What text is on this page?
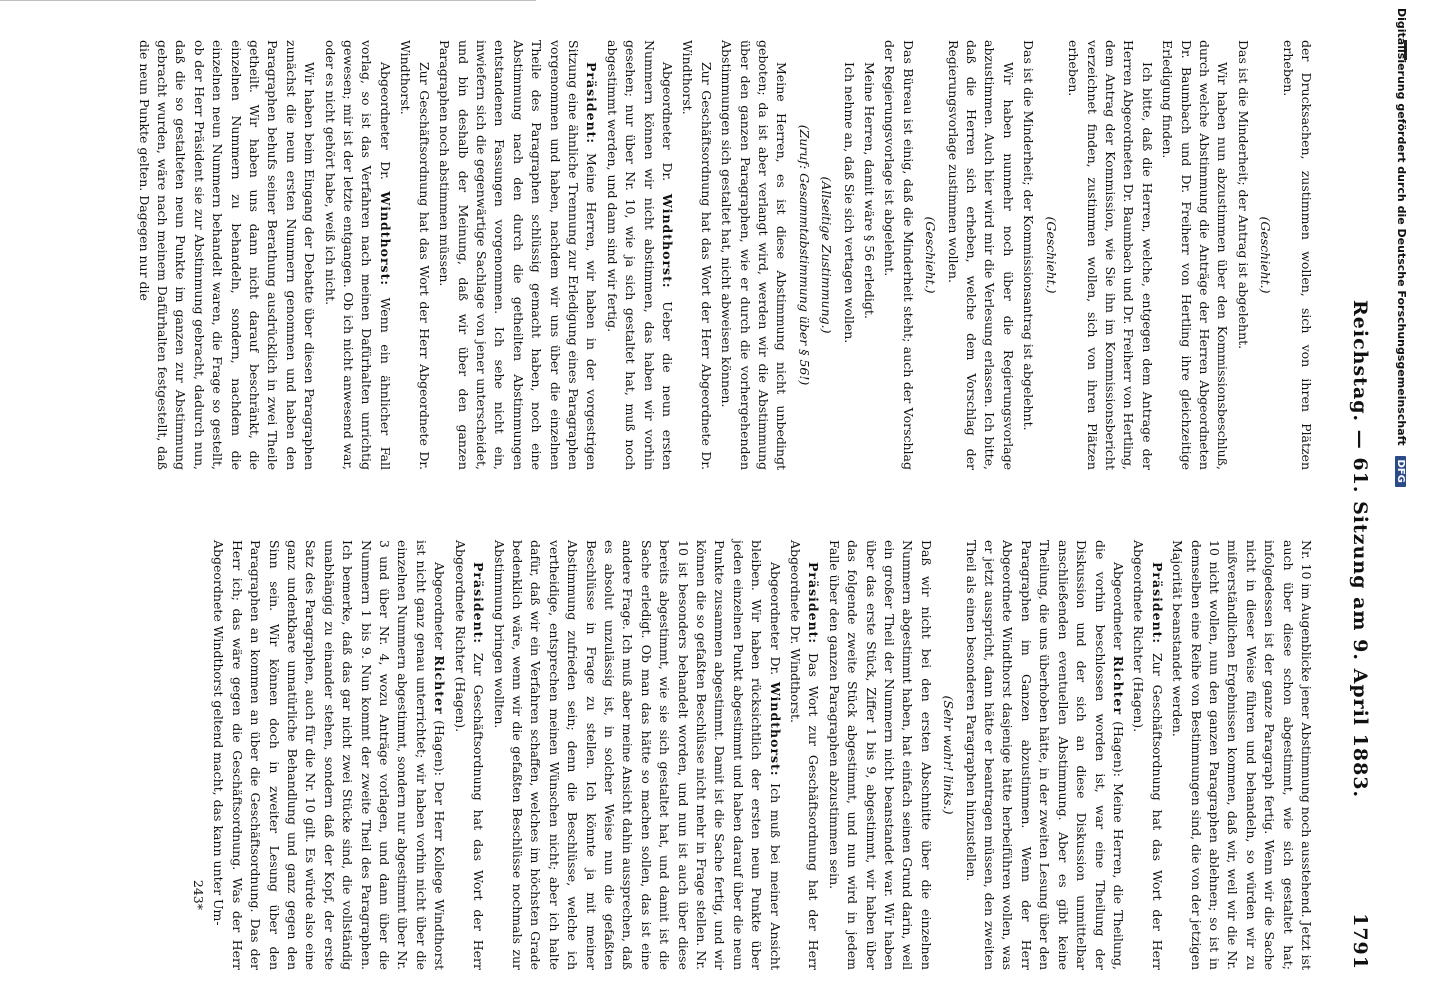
Reichstag. — 61. Sitzung am 9. April 1883.
1791

der Drucksachen, zustimmen wollen, sich von ihren Plätzen erheben.

(Geschieht.)

Das ist die Minderheit; der Antrag ist abgelehnt.

Wir haben nun abzustimmen über den Kommissionsbeschluß, durch welche Abstimmung die Anträge der Herren Abgeordneten Dr. Baumbach und Dr. Freiherr von Hertling ihre gleichzeitige Erledigung finden.

Ich bitte, daß die Herren, welche, entgegen dem Antrage der Herren Abgeordneten Dr. Baumbach und Dr. Freiherr von Hertling, dem Antrag der Kommission, wie Sie ihn im Kommissionsbericht verzeichnet finden, zustimmen wollen, sich von ihren Plätzen erheben.

(Geschieht.)

Das ist die Minderheit; der Kommissionsantrag ist abgelehnt.

Wir haben nunmehr noch über die Regierungsvorlage abzustimmen. Auch hier wird mir die Verlesung erlassen. Ich bitte, daß die Herren sich erheben, welche dem Vorschlag der Regierungsvorlage zustimmen wollen.

(Geschieht.)

Das Büreau ist einig, daß die Minderheit steht; auch der Vorschlag der Regierungsvorlage ist abgelehnt.

Meine Herren, damit wäre § 56 erledigt.

Ich nehme an, daß Sie sich vertagen wollen.

(Allseitige Zustimmung.)

(Zuruf: Gesammtabstimmung über § 56!)

Meine Herren, es ist diese Abstimmung nicht unbedingt geboten; da ist aber verlangt wird, werden wir die Abstimmung über den ganzen Paragraphen, wie er durch die vorhergehenden Abstimmungen sich gestaltet hat, nicht abweisen können.

Zur Geschäftsordnung hat das Wort der Herr Abgeordnete Dr. Windthorst.

Abgeordneter Dr. Windthorst: Ueber die neun ersten Nummern können wir nicht abstimmen, das haben wir vorhin gesehen; nur über Nr. 10, wie ja sich gestaltet hat, muß noch abgestimmt werden, und dann sind wir fertig.

Präsident: Meine Herren, wir haben in der vorgestrigen Sitzung eine ähnliche Trennung zur Erledigung eines Paragraphen vorgenommen und haben, nachdem wir uns über die einzelnen Theile des Paragraphen schlüssig gemacht haben, noch eine Abstimmung nach den durch die getheilten Abstimmungen entstandenen Fassungen vorgenommen. Ich sehe nicht ein, inwiefern sich die gegenwärtige Sachlage von jener unterscheidet, und bin deshalb der Meinung, daß wir über den ganzen Paragraphen noch abstimmen müssen.

Zur Geschäftsordnung hat das Wort der Herr Abgeordnete Dr. Windthorst.

Abgeordneter Dr. Windthorst: Wenn ein ähnlicher Fall vorlag, so ist das Verfahren nach meinen Dafürhalten unrichtig gewesen; mir ist der letzte entgangen. Ob ich nicht anwesend war, oder es nicht gehört habe, weiß ich nicht.

Wir haben beim Eingang der Debatte über diesen Paragraphen zunächst die neun ersten Nummern genommen und haben den Paragraphen behufs seiner Berathung ausdrücklich in zwei Theile getheilt. Wir haben uns dann nicht darauf beschränkt, die einzelnen Nummern zu behandeln, sondern, nachdem die einzelnen neun Nummern behandelt waren, die Frage so gestellt, ob der Herr Präsident sie zur Abstimmung gebracht, dadurch nun, daß die so gestalteten neun Punkte im ganzen zur Abstimmung gebracht wurden, wäre nach meinem Dafürhalten festgestellt, daß die neun Punkte gelten. Dagegen nur die

Nr. 10 im Augenblicke jener Abstimmung noch ausstehend. Jetzt ist auch über diese schon abgestimmt, wie sich gestaltet hat; infolgedessen ist der ganze Paragraph fertig. Wenn wir die Sache nicht in dieser Weise führen und behandeln, so würden wir zu mißverständlichen Ergebnissen kommen, daß wir, weil wir die Nr. 10 nicht wollen, nun den ganzen Paragraphen ablehnen; so ist in demselben eine Reihe von Bestimmungen sind, die von der jetzigen Majorität beanstandet werden.

Präsident: Zur Geschäftsordnung hat das Wort der Herr Abgeordnete Richter (Hagen).

Abgeordneter Richter (Hagen): Meine Herren, die Theilung, die vorhin beschlossen worden ist, war eine Theilung der Diskussion und der sich an diese Diskussion unmittelbar anschließenden eventuellen Abstimmung. Aber es gibt keine Theilung, die uns überhoben hätte, in der zweiten Lesung über den Paragraphen im Ganzen abzustimmen. Wenn der Herr Abgeordnete Windthorst dasjenige hätte herbeiführen wollen, was er jetzt ausspricht, dann hätte er beantragen müssen, den zweiten Theil als einen besonderen Paragraphen hinzustellen.

(Sehr wahr! links.)

Daß wir nicht bei den ersten Abschnitte über die einzelnen Nummern abgestimmt haben, hat einfach seinen Grund darin, weil ein großer Theil der Nummern nicht beanstandet war. Wir haben über das erste Stück, Ziffer 1 bis 9, abgestimmt, wir haben über das folgende zweite Stück abgestimmt, und nun wird in jedem Falle über den ganzen Paragraphen abzustimmen sein.

Präsident: Das Wort zur Geschäftsordnung hat der Herr Abgeordnete Dr. Windthorst.

Abgeordneter Dr. Windthorst: Ich muß bei meiner Ansicht bleiben. Wir haben rücksichtlich der ersten neun Punkte über jeden einzelnen Punkt abgestimmt und haben darauf über die neun Punkte zusammen abgestimmt. Damit ist die Sache fertig, und wir können die so gefaßten Beschlüsse nicht mehr in Frage stellen. Nr. 10 ist besonders behandelt worden, und nun ist auch über diese bereits abgestimmt, wie sie sich gestaltet hat, und damit ist die Sache erledigt. Ob man das hätte so machen sollen, das ist eine andere Frage. Ich muß aber meine Ansicht dahin aussprechen, daß es absolut unzulässig ist, in solcher Weise nun die gefaßten Beschlüsse in Frage zu stellen. Ich könnte ja mit meiner Abstimmung zufrieden sein; denn die Beschlüsse, welche ich vertheidige, entsprechen meinen Wünschen nicht; aber ich halte dafür, daß wir ein Verfahren schaffen, welches im höchsten Grade bedenklich wäre, wenn wir die gefaßten Beschlüsse nochmals zur Abstimmung bringen wollten.

Präsident: Zur Geschäftsordnung hat das Wort der Herr Abgeordnete Richter (Hagen).

Abgeordneter Richter (Hagen): Der Herr Kollege Windthorst ist nicht ganz genau unterrichtet; wir haben vorhin nicht über die einzelnen Nummern abgestimmt, sondern nur abgestimmt über Nr. 3 und über Nr. 4, wozu Anträge vorlagen, und dann über die Nummern 1 bis 9. Nun kommt der zweite Theil des Paragraphen. Ich bemerke, daß das gar nicht zwei Stücke sind, die vollständig unabhängig zu einander stehen, sondern daß der Kopf, der erste Satz des Paragraphen, auch für die Nr. 10 gilt. Es würde also eine ganz undenkbare unnatürliche Behandlung und ganz gegen den Sinn sein. Wir können doch in zweiter Lesung über den Paragraphen an kommen an über die Geschäftsordnung. Das der Herr ich; das wäre gegen die Geschäftsordnung. Was der Herr Abgeordnete Windthorst geltend macht, das kann unter Um-

243*
Digitalisierung gefördert durch die Deutsche Forschungsgemeinschaft DFG
